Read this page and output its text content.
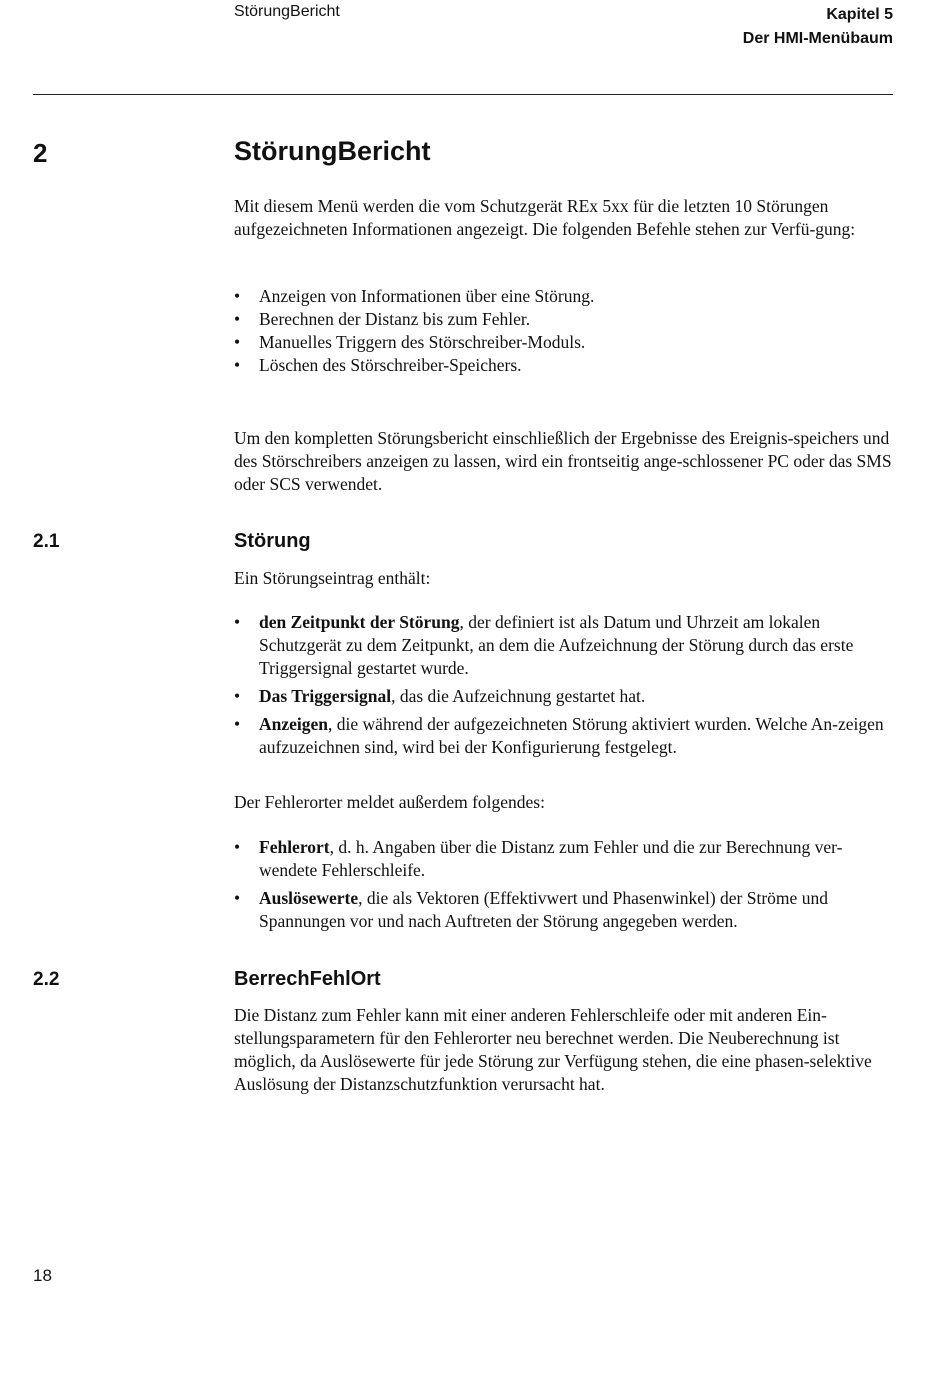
StörungBericht	Kapitel 5
Der HMI-Menübaum
2	StörungBericht

Mit diesem Menü werden die vom Schutzgerät REx 5xx für die letzten 10 Störungen aufgezeichneten Informationen angezeigt. Die folgenden Befehle stehen zur Verfü-gung:

• Anzeigen von Informationen über eine Störung.
• Berechnen der Distanz bis zum Fehler.
• Manuelles Triggern des Störschreiber-Moduls.
• Löschen des Störschreiber-Speichers.

Um den kompletten Störungsbericht einschließlich der Ergebnisse des Ereignis-speichers und des Störschreibers anzeigen zu lassen, wird ein frontseitig ange-schlossener PC oder das SMS oder SCS verwendet.

2.1	Störung

Ein Störungseintrag enthält:

• den Zeitpunkt der Störung, der definiert ist als Datum und Uhrzeit am lokalen Schutzgerät zu dem Zeitpunkt, an dem die Aufzeichnung der Störung durch das erste Triggersignal gestartet wurde.
• Das Triggersignal, das die Aufzeichnung gestartet hat.
• Anzeigen, die während der aufgezeichneten Störung aktiviert wurden. Welche An-zeigen aufzuzeichnen sind, wird bei der Konfigurierung festgelegt.

Der Fehlerorter meldet außerdem folgendes:

• Fehlerort, d. h. Angaben über die Distanz zum Fehler und die zur Berechnung ver-wendete Fehlerschleife.
• Auslösewerte, die als Vektoren (Effektivwert und Phasenwinkel) der Ströme und Spannungen vor und nach Auftreten der Störung angegeben werden.
2.2	BerrechFehlOrt

Die Distanz zum Fehler kann mit einer anderen Fehlerschleife oder mit anderen Ein-stellungsparametern für den Fehlerorter neu berechnet werden. Die Neuberechnung ist möglich, da Auslösewerte für jede Störung zur Verfügung stehen, die eine phasen-selektive Auslösung der Distanzschutzfunktion verursacht hat.

18
